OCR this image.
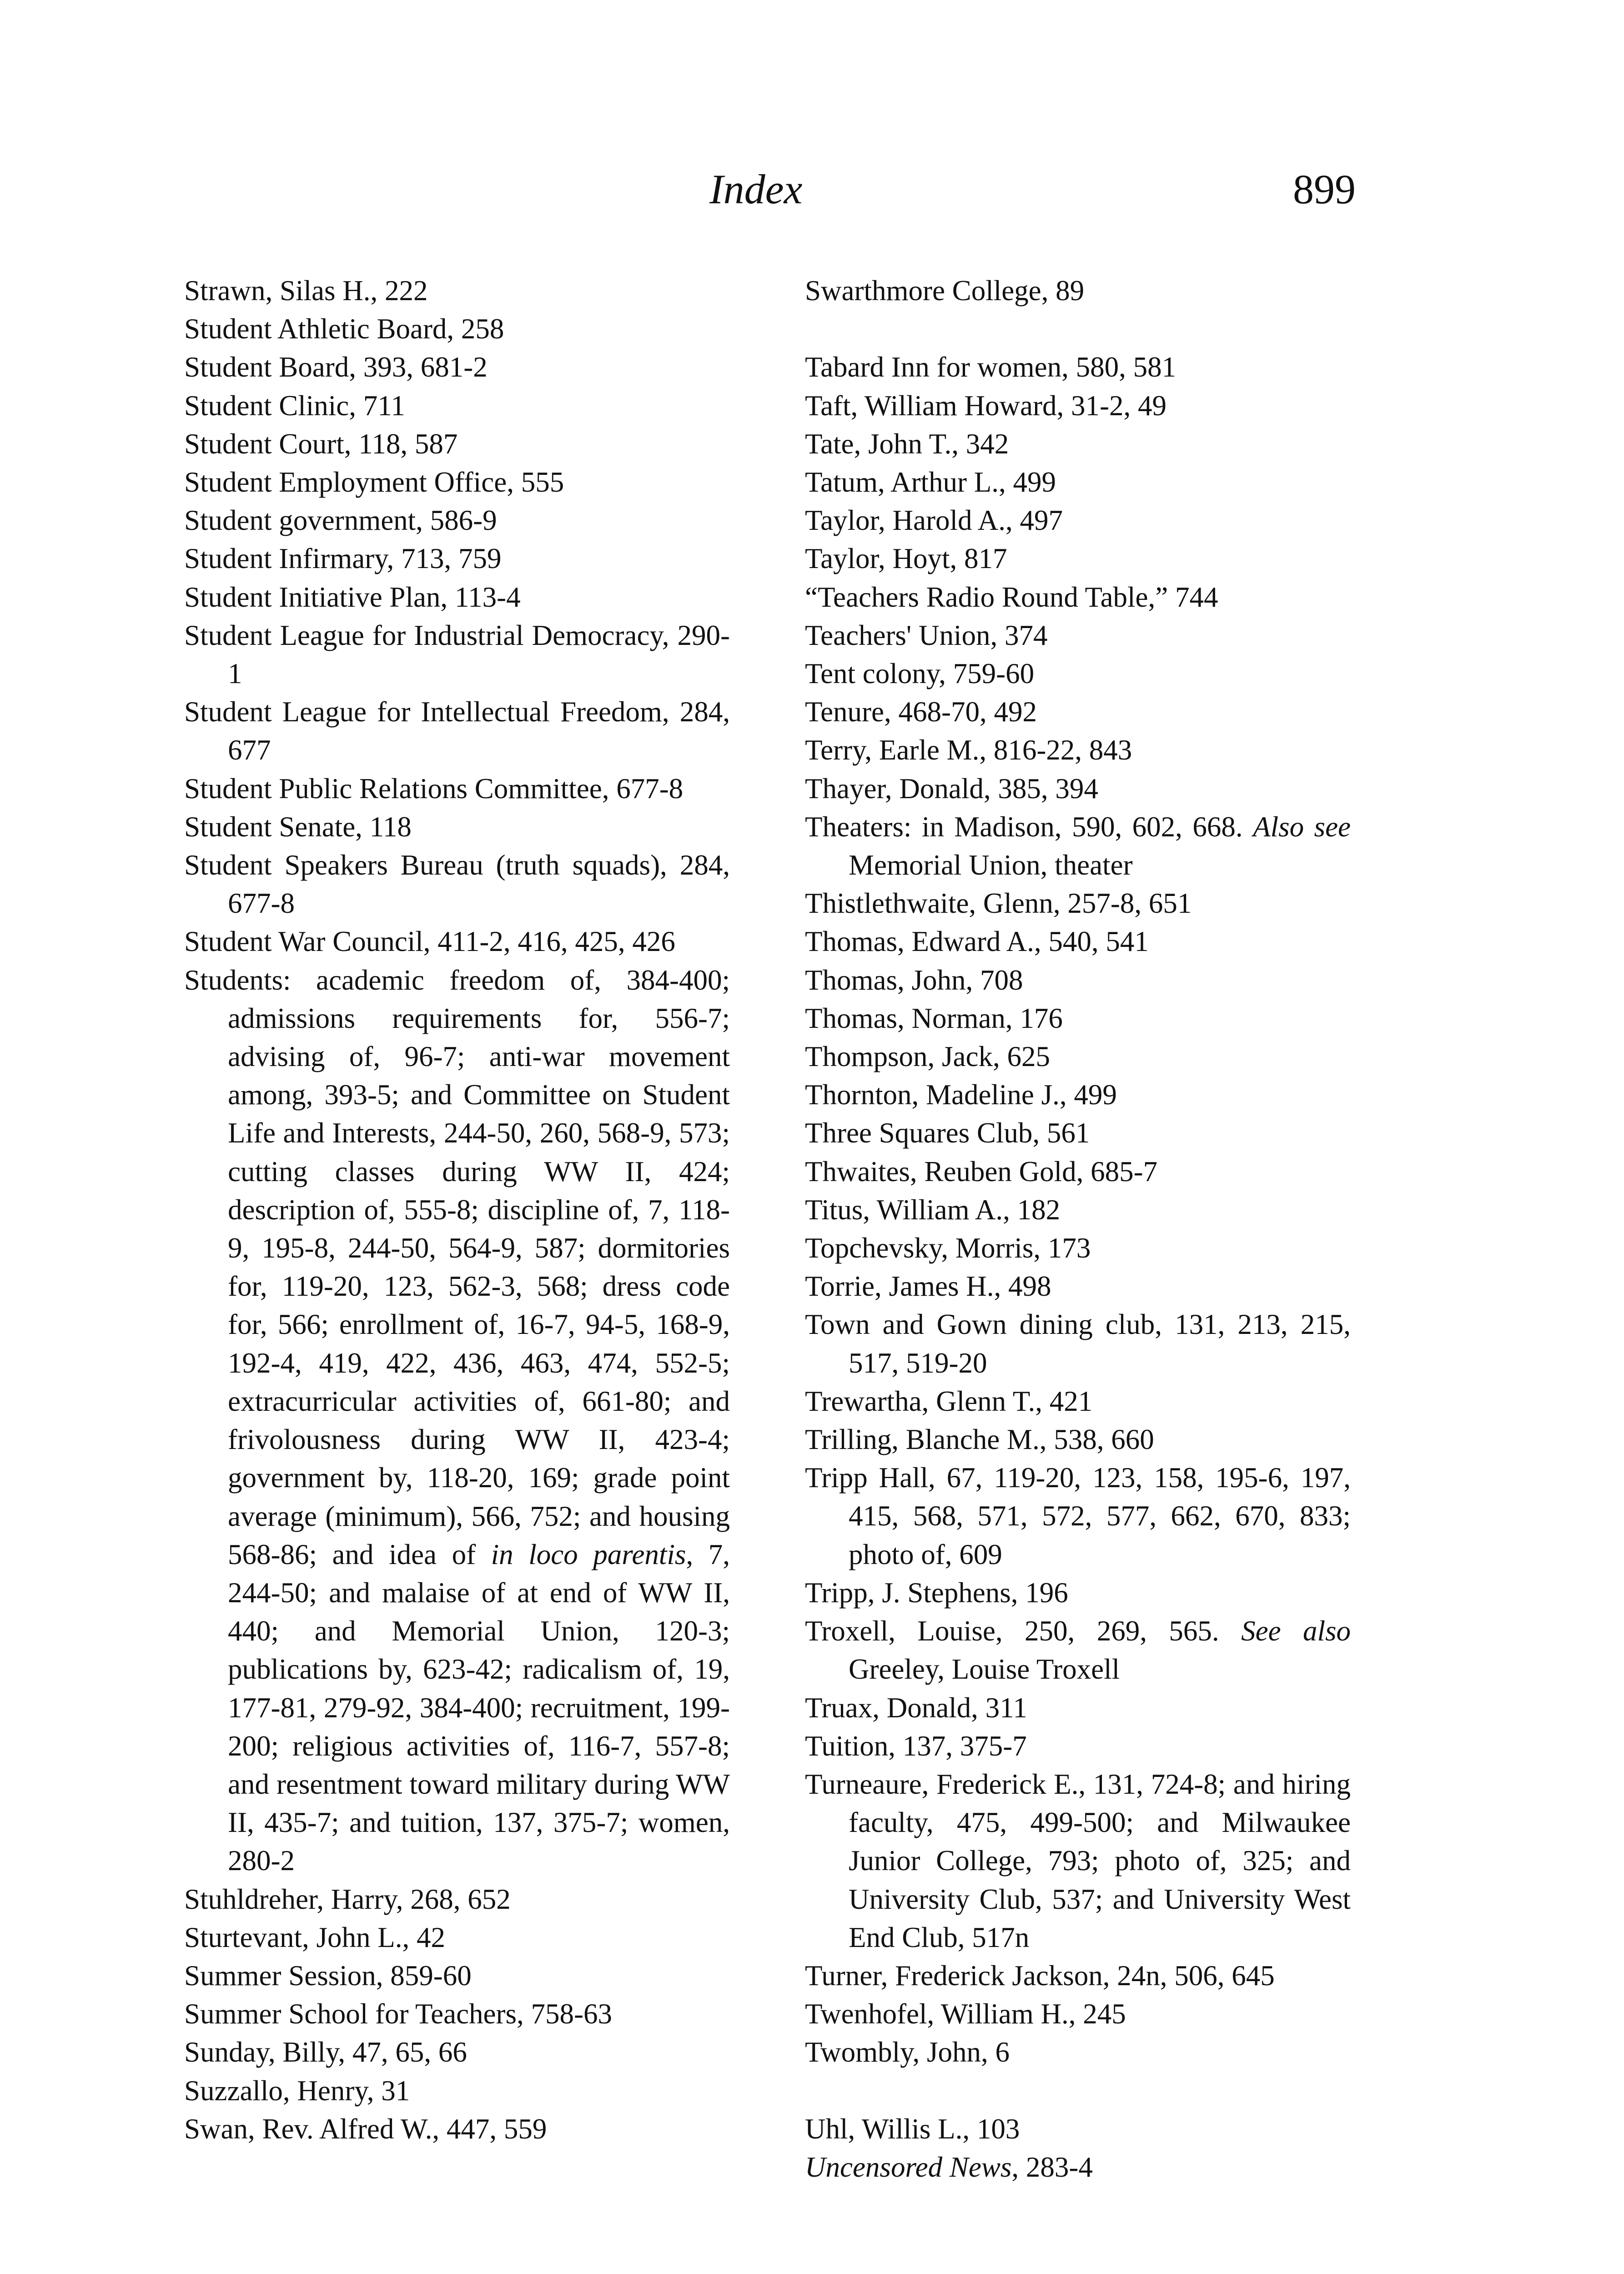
Index	899
Strawn, Silas H., 222
Student Athletic Board, 258
Student Board, 393, 681-2
Student Clinic, 711
Student Court, 118, 587
Student Employment Office, 555
Student government, 586-9
Student Infirmary, 713, 759
Student Initiative Plan, 113-4
Student League for Industrial Democracy, 290-1
Student League for Intellectual Freedom, 284, 677
Student Public Relations Committee, 677-8
Student Senate, 118
Student Speakers Bureau (truth squads), 284, 677-8
Student War Council, 411-2, 416, 425, 426
Students: academic freedom of, 384-400; admissions requirements for, 556-7; advising of, 96-7; anti-war movement among, 393-5; and Committee on Student Life and Interests, 244-50, 260, 568-9, 573; cutting classes during WW II, 424; description of, 555-8; discipline of, 7, 118-9, 195-8, 244-50, 564-9, 587; dormitories for, 119-20, 123, 562-3, 568; dress code for, 566; enrollment of, 16-7, 94-5, 168-9, 192-4, 419, 422, 436, 463, 474, 552-5; extracurricular activities of, 661-80; and frivolousness during WW II, 423-4; government by, 118-20, 169; grade point average (minimum), 566, 752; and housing 568-86; and idea of in loco parentis, 7, 244-50; and malaise of at end of WW II, 440; and Memorial Union, 120-3; publications by, 623-42; radicalism of, 19, 177-81, 279-92, 384-400; recruitment, 199-200; religious activities of, 116-7, 557-8; and resentment toward military during WW II, 435-7; and tuition, 137, 375-7; women, 280-2
Stuhldreher, Harry, 268, 652
Sturtevant, John L., 42
Summer Session, 859-60
Summer School for Teachers, 758-63
Sunday, Billy, 47, 65, 66
Suzzallo, Henry, 31
Swan, Rev. Alfred W., 447, 559
Swarthmore College, 89
Tabard Inn for women, 580, 581
Taft, William Howard, 31-2, 49
Tate, John T., 342
Tatum, Arthur L., 499
Taylor, Harold A., 497
Taylor, Hoyt, 817
“Teachers Radio Round Table,” 744
Teachers' Union, 374
Tent colony, 759-60
Tenure, 468-70, 492
Terry, Earle M., 816-22, 843
Thayer, Donald, 385, 394
Theaters: in Madison, 590, 602, 668. Also see Memorial Union, theater
Thistlethwaite, Glenn, 257-8, 651
Thomas, Edward A., 540, 541
Thomas, John, 708
Thomas, Norman, 176
Thompson, Jack, 625
Thornton, Madeline J., 499
Three Squares Club, 561
Thwaites, Reuben Gold, 685-7
Titus, William A., 182
Topchevsky, Morris, 173
Torrie, James H., 498
Town and Gown dining club, 131, 213, 215, 517, 519-20
Trewartha, Glenn T., 421
Trilling, Blanche M., 538, 660
Tripp Hall, 67, 119-20, 123, 158, 195-6, 197, 415, 568, 571, 572, 577, 662, 670, 833; photo of, 609
Tripp, J. Stephens, 196
Troxell, Louise, 250, 269, 565. See also Greeley, Louise Troxell
Truax, Donald, 311
Tuition, 137, 375-7
Turneaure, Frederick E., 131, 724-8; and hiring faculty, 475, 499-500; and Milwaukee Junior College, 793; photo of, 325; and University Club, 537; and University West End Club, 517n
Turner, Frederick Jackson, 24n, 506, 645
Twenhofel, William H., 245
Twombly, John, 6
Uhl, Willis L., 103
Uncensored News, 283-4
